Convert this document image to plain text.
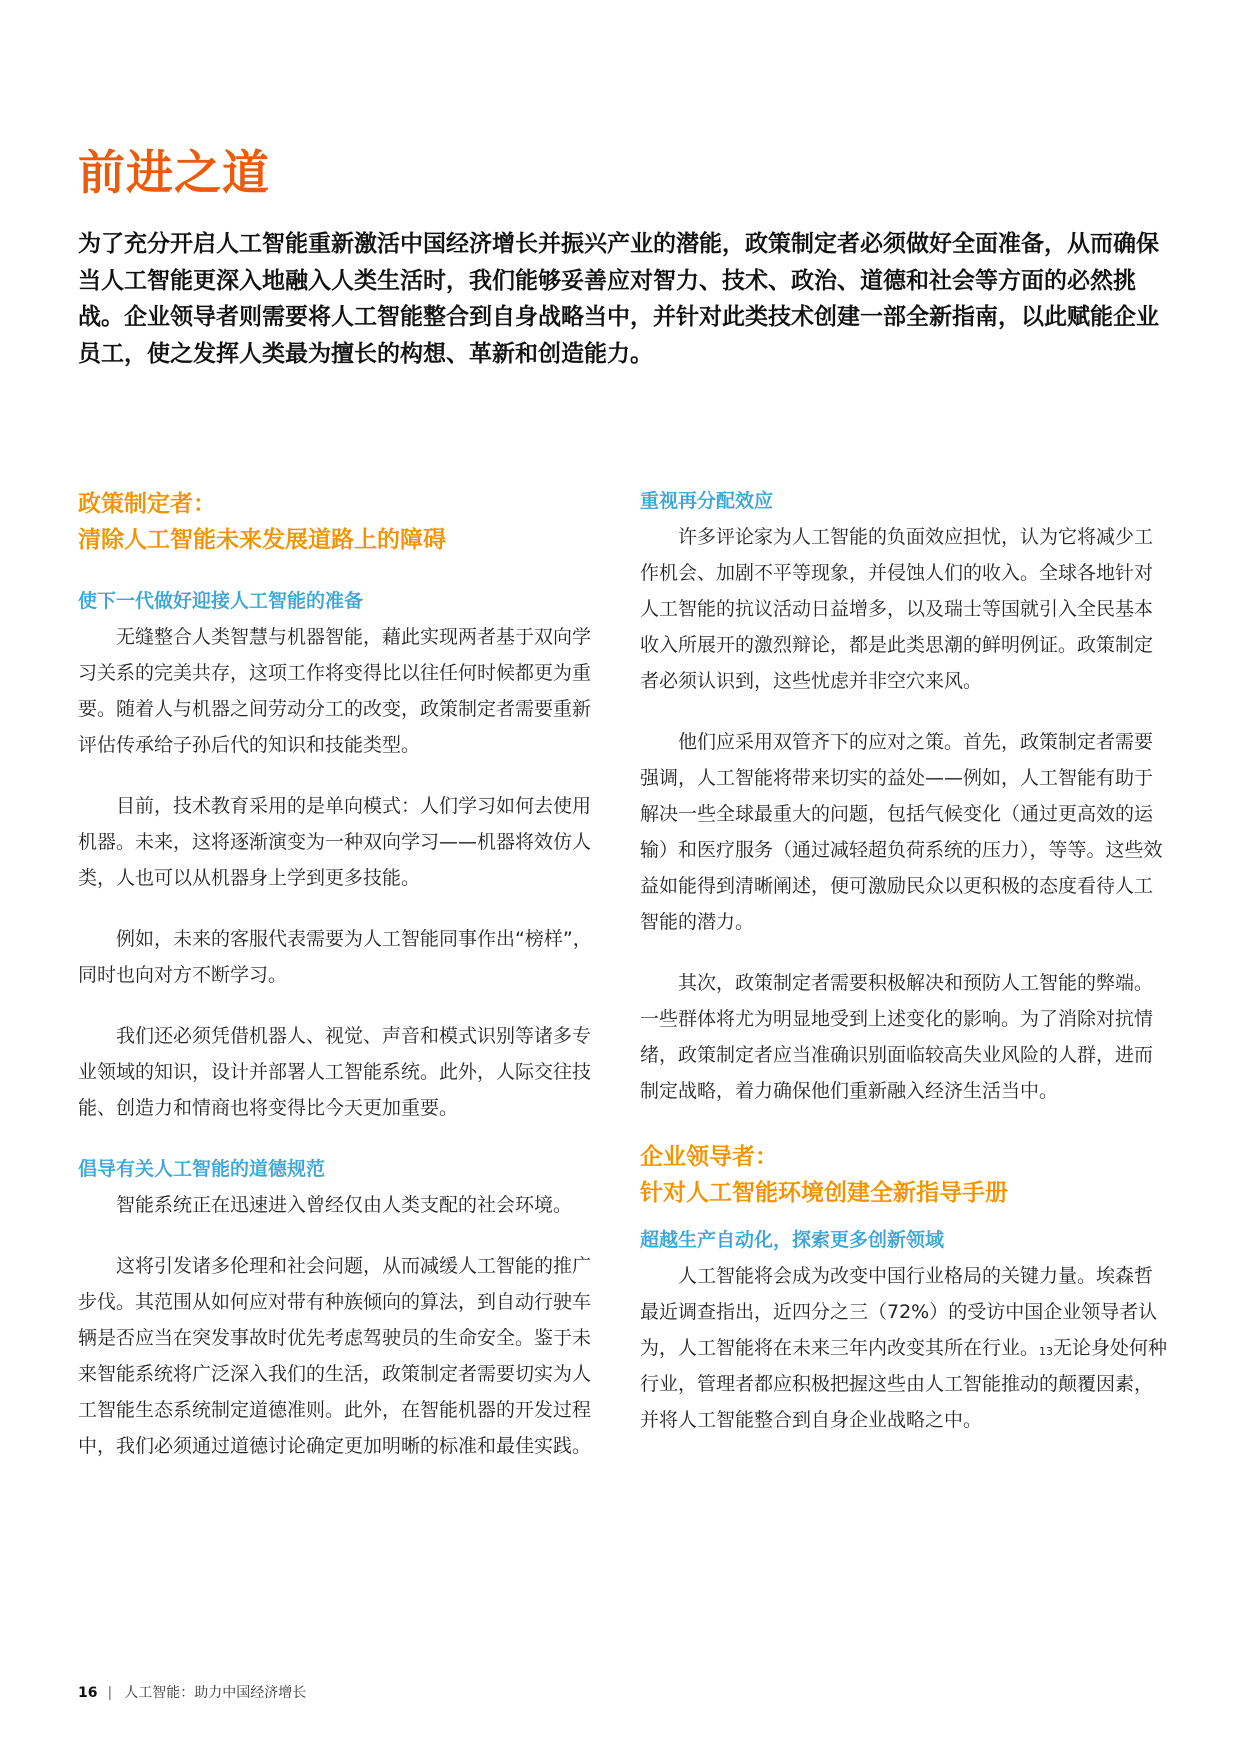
前进之道

为了充分开启人工智能重新激活中国经济增长并振兴产业的潜能，政策制定者必须做好全面准备，从而确保当人工智能更深入地融入人类生活时，我们能够妥善应对智力、技术、政治、道德和社会等方面的必然挑战。企业领导者则需要将人工智能整合到自身战略当中，并针对此类技术创建一部全新指南，以此赋能企业员工，使之发挥人类最为擅长的构想、革新和创造能力。

政策制定者：
清除人工智能未来发展道路上的障碍
使下一代做好迎接人工智能的准备

无缝整合人类智慧与机器智能，藉此实现两者基于双向学习关系的完美共存，这项工作将变得比以往任何时候都更为重要。随着人与机器之间劳动分工的改变，政策制定者需要重新评估传承给子孙后代的知识和技能类型。

目前，技术教育采用的是单向模式：人们学习如何去使用机器。未来，这将逐渐演变为一种双向学习——机器将效仿人类，人也可以从机器身上学到更多技能。

例如，未来的客服代表需要为人工智能同事作出“榜样”，同时也向对方不断学习。

我们还必须凭借机器人、视觉、声音和模式识别等诸多专业领域的知识，设计并部署人工智能系统。此外，人际交往技能、创造力和情商也将变得比今天更加重要。

倡导有关人工智能的道德规范

智能系统正在迅速进入曾经仅由人类支配的社会环境。

这将引发诸多伦理和社会问题，从而减缓人工智能的推广步伐。其范围从如何应对带有种族倾向的算法，到自动行驶车辆是否应当在突发事故时优先考虑驾驶员的生命安全。鉴于未来智能系统将广泛深入我们的生活，政策制定者需要切实为人工智能生态系统制定道德准则。此外，在智能机器的开发过程中，我们必须通过道德讨论确定更加明晰的标准和最佳实践。

重视再分配效应

许多评论家为人工智能的负面效应担忧，认为它将减少工作机会、加剧不平等现象，并侵蚀人们的收入。全球各地针对人工智能的抗议活动日益增多，以及瑞士等国就引入全民基本收入所展开的激烈辩论，都是此类思潮的鲜明例证。政策制定者必须认识到，这些忧虑并非空穴来风。

他们应采用双管齐下的应对之策。首先，政策制定者需要强调，人工智能将带来切实的益处——例如，人工智能有助于解决一些全球最重大的问题，包括气候变化（通过更高效的运输）和医疗服务（通过减轻超负荷系统的压力），等等。这些效益如能得到清晰阐述，便可激励民众以更积极的态度看待人工智能的潜力。

其次，政策制定者需要积极解决和预防人工智能的弊端。一些群体将尤为明显地受到上述变化的影响。为了消除对抗情绪，政策制定者应当准确识别面临较高失业风险的人群，进而制定战略，着力确保他们重新融入经济生活当中。

企业领导者：
针对人工智能环境创建全新指导手册
超越生产自动化，探索更多创新领域

人工智能将会成为改变中国行业格局的关键力量。埃森哲最近调查指出，近四分之三（72%）的受访中国企业领导者认为，人工智能将在未来三年内改变其所在行业。$^{13}$无论身处何种行业，管理者都应积极把握这些由人工智能推动的颠覆因素，并将人工智能整合到自身企业战略之中。

16 | 人工智能：助力中国经济增长
